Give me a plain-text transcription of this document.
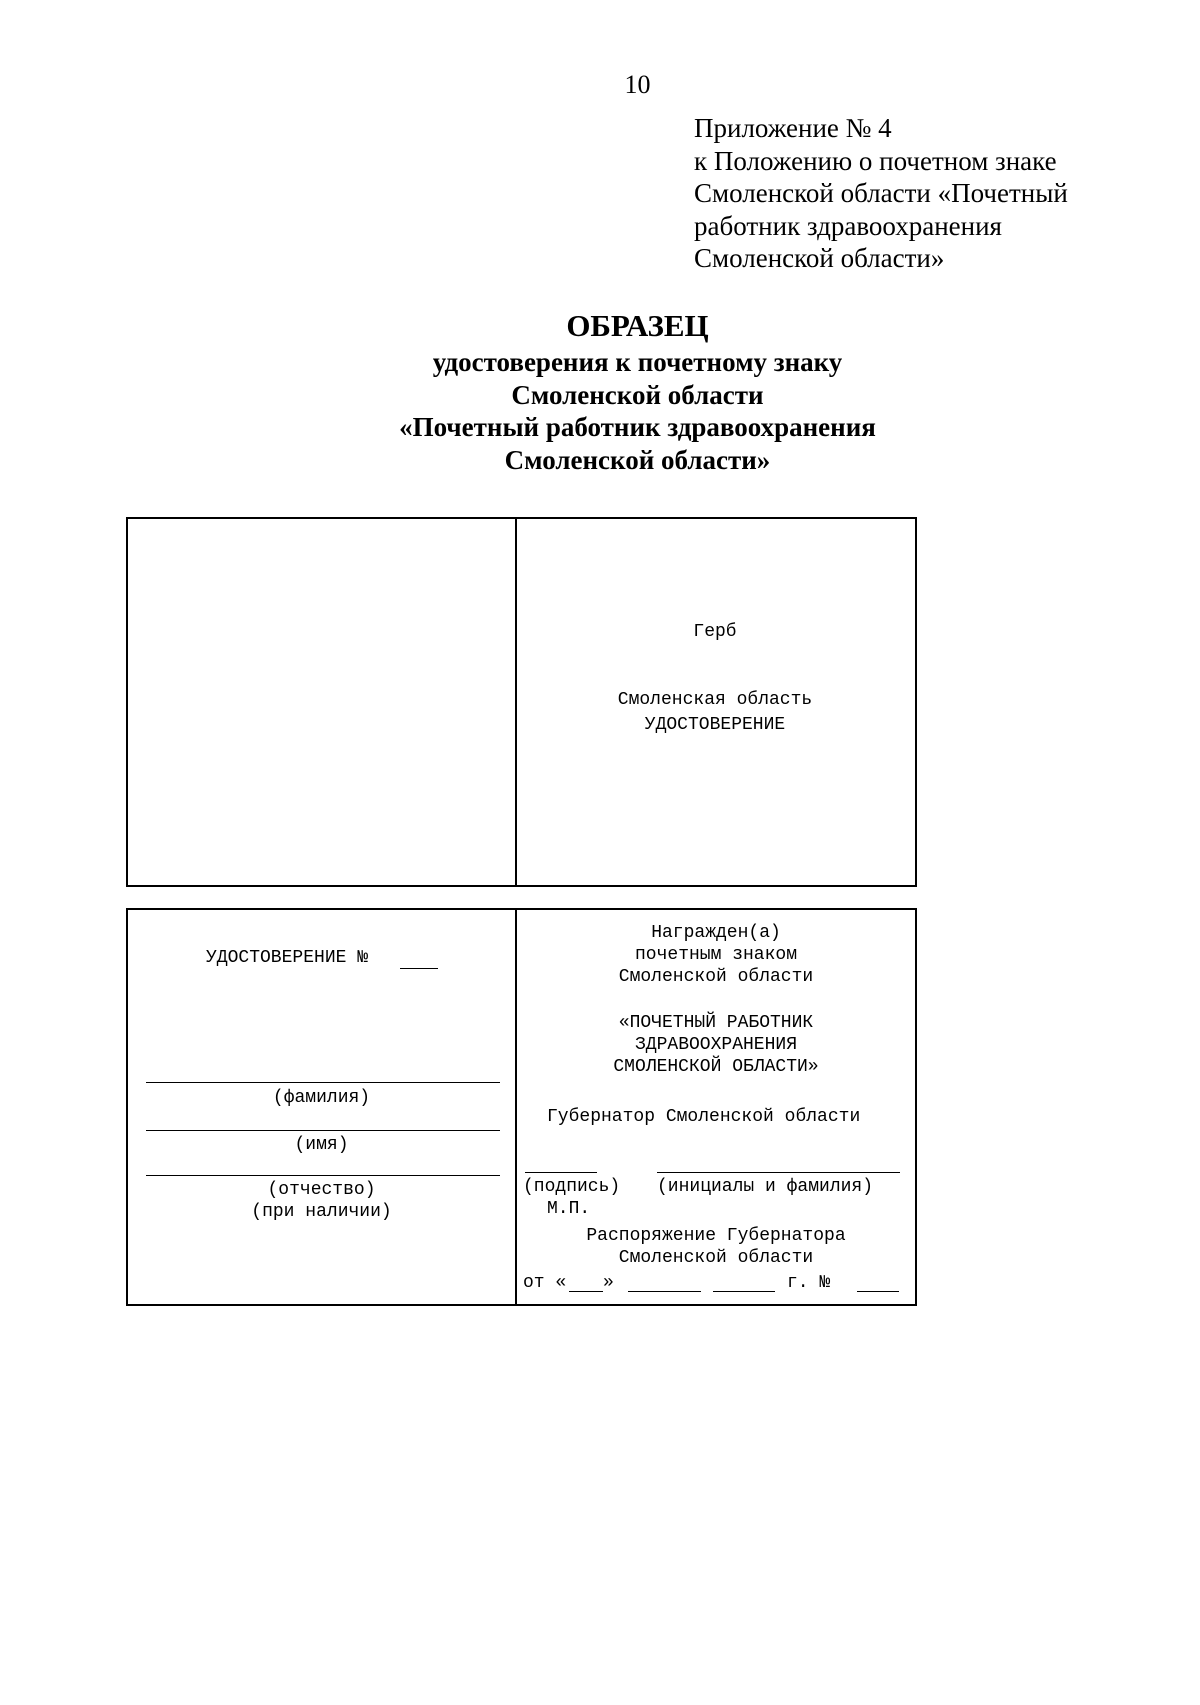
10
Приложение № 4
к Положению о почетном знаке
Смоленской области «Почетный
работник здравоохранения
Смоленской области»
ОБРАЗЕЦ
удостоверения к почетному знаку
Смоленской области
«Почетный работник здравоохранения
Смоленской области»

Герб

Смоленская область

УДОСТОВЕРЕНИЕ
УДОСТОВЕРЕНИЕ №
(фамилия)
(имя)
(отчество)
(при наличии)
Награжден(а)
почетным знаком
Смоленской области
«ПОЧЕТНЫЙ РАБОТНИК
ЗДРАВООХРАНЕНИЯ
СМОЛЕНСКОЙ ОБЛАСТИ»
Губернатор Смоленской области
(подпись) (инициалы и фамилия)
М.П.
Распоряжение Губернатора
Смоленской области
от « »	г. №
